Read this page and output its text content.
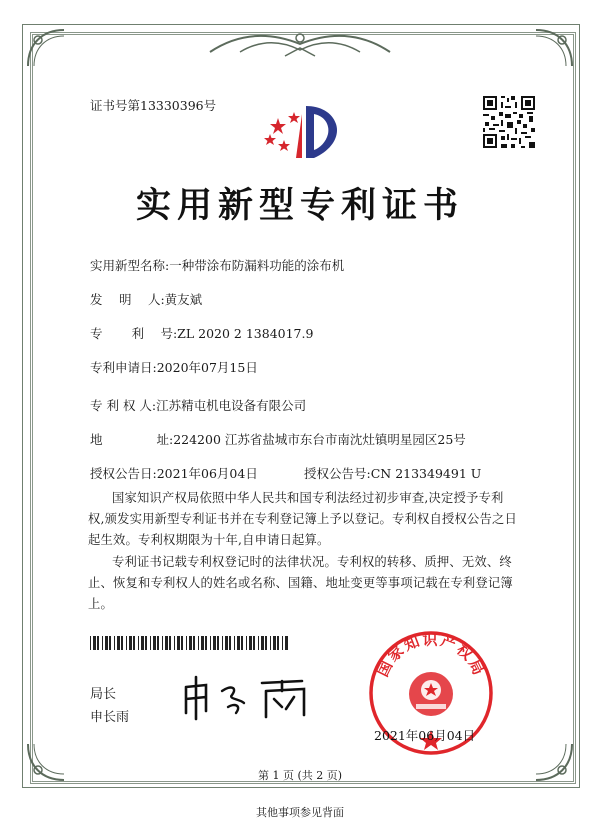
证书号第13330396号
实用新型专利证书
实用新型名称:一种带涂布防漏料功能的涂布机
发　 明　 人:黄友斌
专　　 利　 号:ZL 2020 2 1384017.9
专利申请日:2020年07月15日
专 利 权 人:江苏精屯机电设备有限公司
地　　　　 址:224200 江苏省盐城市东台市南沈灶镇明星园区25号
授权公告日:2021年06月04日	授权公告号:CN 213349491 U
国家知识产权局依照中华人民共和国专利法经过初步审查,决定授予专利权,颁发实用新型专利证书并在专利登记簿上予以登记。专利权自授权公告之日起生效。专利权期限为十年,自申请日起算。
专利证书记载专利权登记时的法律状况。专利权的转移、质押、无效、终止、恢复和专利权人的姓名或名称、国籍、地址变更等事项记载在专利登记簿上。
局长
申长雨
国家知识产权局
2021年06月04日
第 1 页 (共 2 页)
其他事项参见背面
